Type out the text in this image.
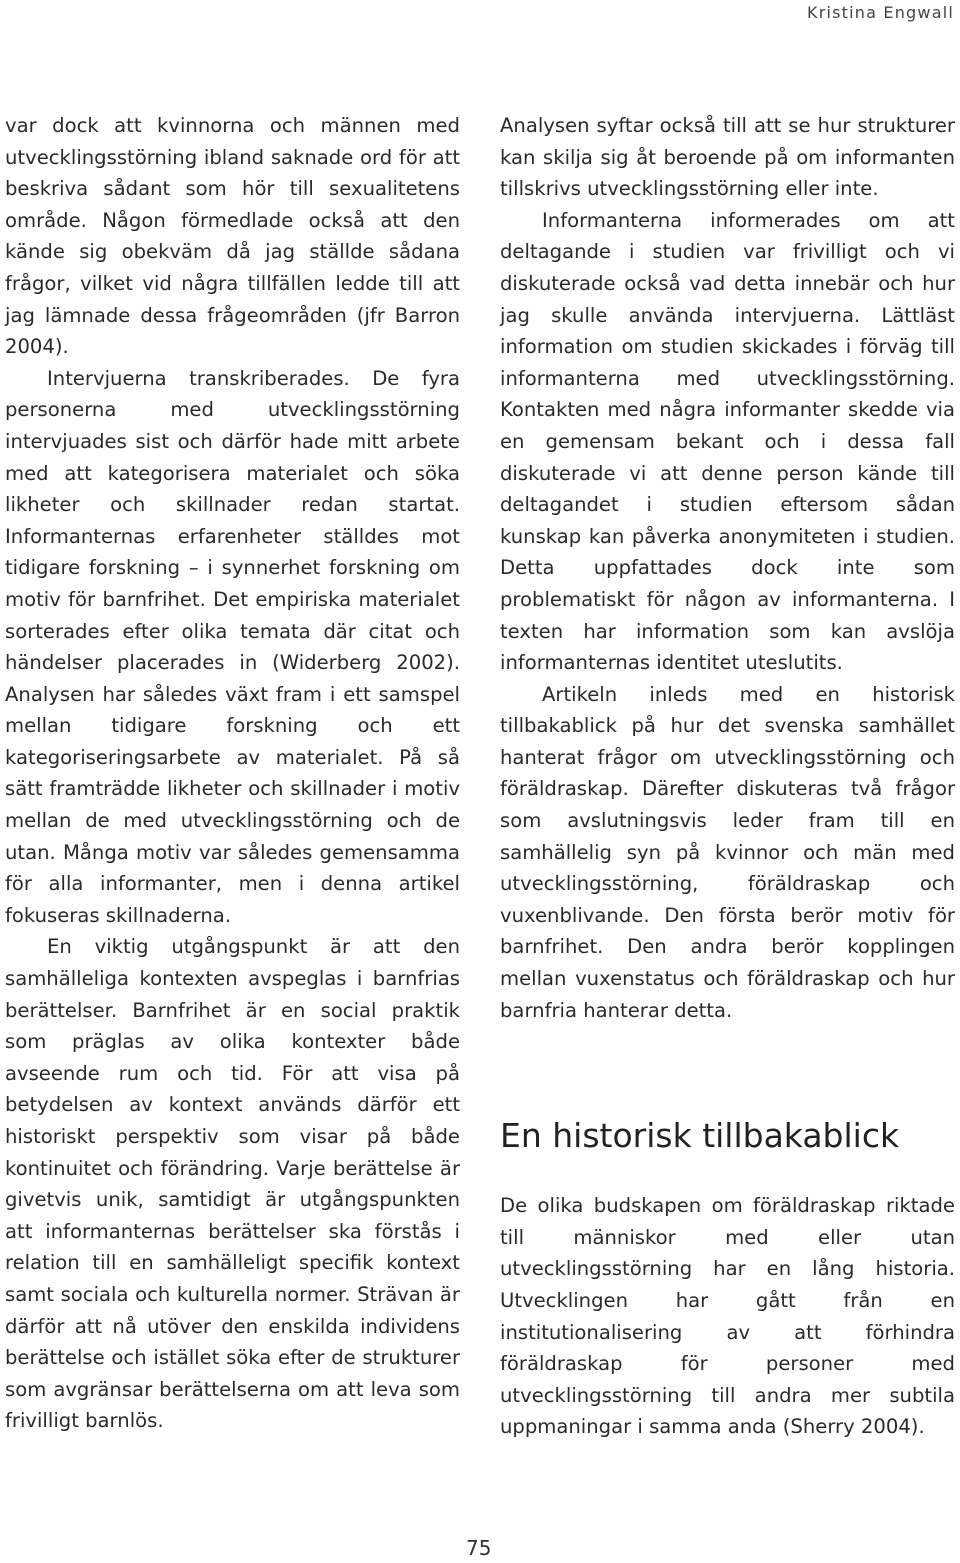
Kristina Engwall

var dock att kvinnorna och männen med utvecklingsstörning ibland saknade ord för att beskriva sådant som hör till sexualitetens område. Någon förmedlade också att den kände sig obekväm då jag ställde sådana frågor, vilket vid några tillfällen ledde till att jag lämnade dessa frågeområden (jfr Barron 2004).

Intervjuerna transkriberades. De fyra personerna med utvecklingsstörning intervjuades sist och därför hade mitt arbete med att kategorisera materialet och söka likheter och skillnader redan startat. Informanternas erfarenheter ställdes mot tidigare forskning – i synnerhet forskning om motiv för barnfrihet. Det empiriska materialet sorterades efter olika temata där citat och händelser placerades in (Widerberg 2002). Analysen har således växt fram i ett samspel mellan tidigare forskning och ett kategoriseringsarbete av materialet. På så sätt framträdde likheter och skillnader i motiv mellan de med utvecklingsstörning och de utan. Många motiv var således gemensamma för alla informanter, men i denna artikel fokuseras skillnaderna.

En viktig utgångspunkt är att den samhälleliga kontexten avspeglas i barnfrias berättelser. Barnfrihet är en social praktik som präglas av olika kontexter både avseende rum och tid. För att visa på betydelsen av kontext används därför ett historiskt perspektiv som visar på både kontinuitet och förändring. Varje berättelse är givetvis unik, samtidigt är utgångspunkten att informanternas berättelser ska förstås i relation till en samhälleligt specifik kontext samt sociala och kulturella normer. Strävan är därför att nå utöver den enskilda individens berättelse och istället söka efter de strukturer som avgränsar berättelserna om att leva som frivilligt barnlös.

Analysen syftar också till att se hur strukturer kan skilja sig åt beroende på om informanten tillskrivs utvecklingsstörning eller inte.

Informanterna informerades om att deltagande i studien var frivilligt och vi diskuterade också vad detta innebär och hur jag skulle använda intervjuerna. Lättläst information om studien skickades i förväg till informanterna med utvecklingsstörning. Kontakten med några informanter skedde via en gemensam bekant och i dessa fall diskuterade vi att denne person kände till deltagandet i studien eftersom sådan kunskap kan påverka anonymiteten i studien. Detta uppfattades dock inte som problematiskt för någon av informanterna. I texten har information som kan avslöja informanternas identitet uteslutits.

Artikeln inleds med en historisk tillbakablick på hur det svenska samhället hanterat frågor om utvecklingsstörning och föräldraskap. Därefter diskuteras två frågor som avslutningsvis leder fram till en samhällelig syn på kvinnor och män med utvecklingsstörning, föräldraskap och vuxenblivande. Den första berör motiv för barnfrihet. Den andra berör kopplingen mellan vuxenstatus och föräldraskap och hur barnfria hanterar detta.

En historisk tillbakablick

De olika budskapen om föräldraskap riktade till människor med eller utan utvecklingsstörning har en lång historia. Utvecklingen har gått från en institutionalisering av att förhindra föräldraskap för personer med utvecklingsstörning till andra mer subtila uppmaningar i samma anda (Sherry 2004).

75
